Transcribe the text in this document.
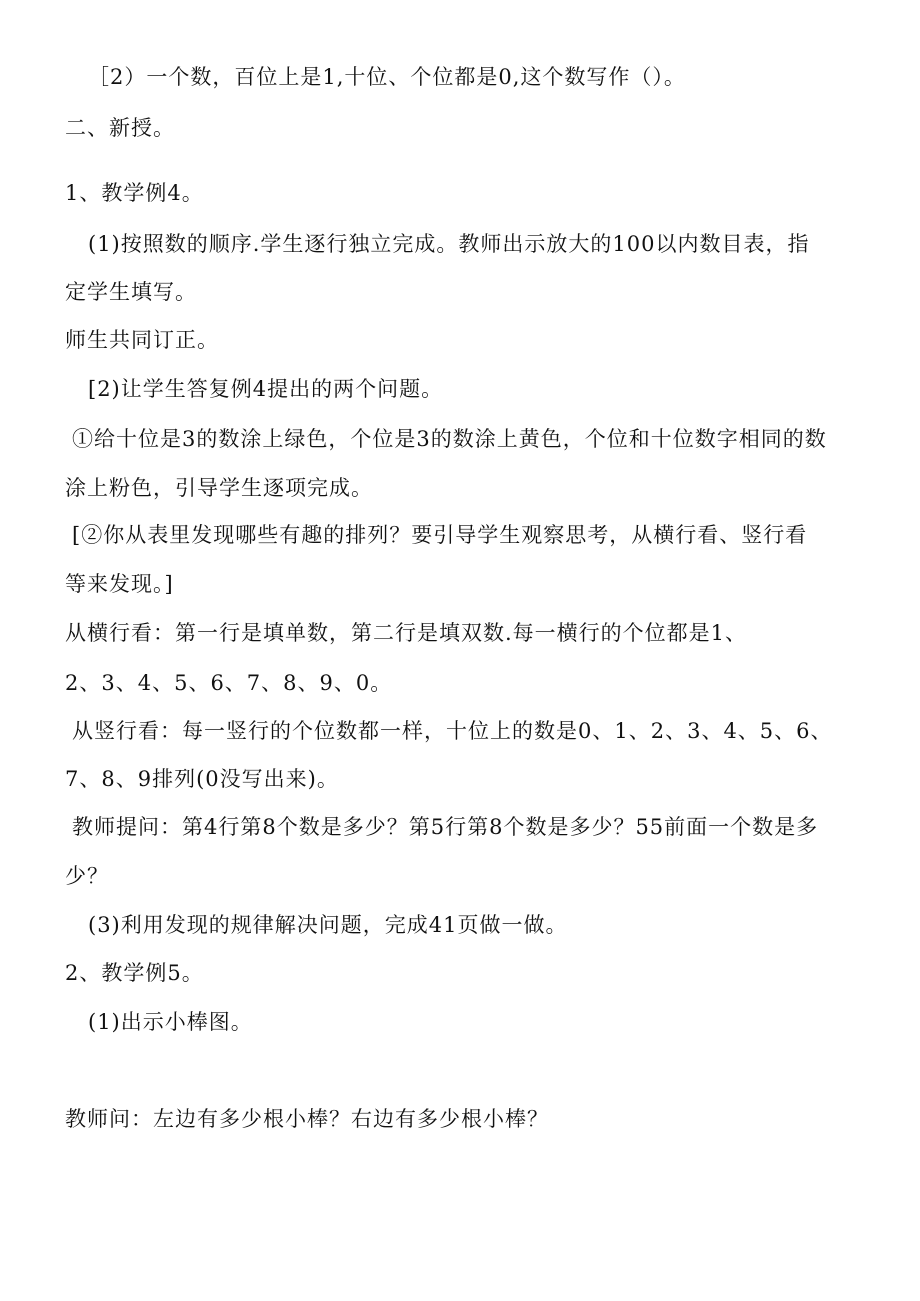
［2）一个数，百位上是1,十位、个位都是0,这个数写作（）。
二、新授。
1、教学例4。
(1)按照数的顺序.学生逐行独立完成。教师出示放大的100以内数目表，指
定学生填写。
师生共同订正。
[2)让学生答复例4提出的两个问题。
①给十位是3的数涂上绿色，个位是3的数涂上黄色，个位和十位数字相同的数
涂上粉色，引导学生逐项完成。
[②你从表里发现哪些有趣的排列？要引导学生观察思考，从横行看、竖行看
等来发现。]
从横行看：第一行是填单数，第二行是填双数.每一横行的个位都是1、
2、3、4、5、6、7、8、9、0。
从竖行看：每一竖行的个位数都一样，十位上的数是0、1、2、3、4、5、6、
7、8、9排列(0没写出来)。
教师提问：第4行第8个数是多少？第5行第8个数是多少？55前面一个数是多
少？
(3)利用发现的规律解决问题，完成41页做一做。
2、教学例5。
(1)出示小棒图。
教师问：左边有多少根小棒？右边有多少根小棒？
